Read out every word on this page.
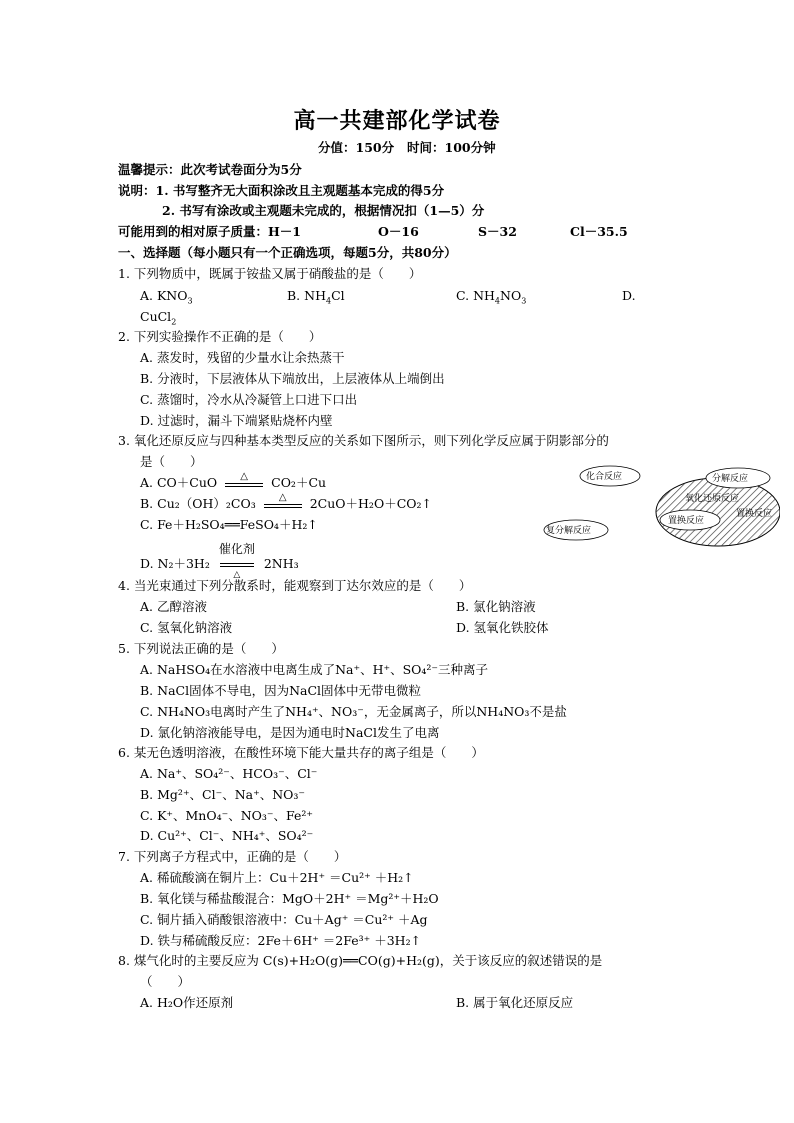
高一共建部化学试卷
分值：150分 时间：100分钟
温馨提示：此次考试卷面分为5分
说明：1. 书写整齐无大面积涂改且主观题基本完成的得5分
2. 书写有涂改或主观题未完成的，根据情况扣（1—5）分
可能用到的相对原子质量：H－1	O－16	S－32	Cl－35.5
一、选择题（每小题只有一个正确选项，每题5分，共80分）
1. 下列物质中，既属于铵盐又属于硝酸盐的是（　　）
A. $KNO_3$	B. $NH_4Cl$	C. $NH_4NO_3$	D.
CuCl$_2$
2. 下列实验操作不正确的是（　　）
A. 蒸发时，残留的少量水让余热蒸干
B. 分液时，下层液体从下端放出，上层液体从上端倒出
C. 蒸馏时，冷水从冷凝管上口进下口出
D. 过滤时，漏斗下端紧贴烧杯内壁
3. 氧化还原反应与四种基本类型反应的关系如下图所示，则下列化学反应属于阴影部分的
是（　　）
A. CO＋CuO	△	CO₂＋Cu
B. Cu₂（OH）₂CO₃	△	2CuO＋H₂O＋CO₂↑
C. Fe＋H₂SO₄══FeSO₄＋H₂↑
D. N₂＋3H₂
催化剂
△
2NH₃
化合反应	分解反应
氧化还原反应
置换反应
复分解反应
置换反应
4. 当光束通过下列分散系时，能观察到丁达尔效应的是（　　）
A. 乙醇溶液	B. 氯化钠溶液
C. 氢氧化钠溶液	D. 氢氧化铁胶体
5. 下列说法正确的是（　　）
A. NaHSO₄在水溶液中电离生成了Na⁺、H⁺、SO₄²⁻三种离子
B. NaCl固体不导电，因为NaCl固体中无带电微粒
C. NH₄NO₃电离时产生了NH₄⁺、NO₃⁻，无金属离子，所以NH₄NO₃不是盐
D. 氯化钠溶液能导电，是因为通电时NaCl发生了电离
6. 某无色透明溶液，在酸性环境下能大量共存的离子组是（　　）
A. Na⁺、SO₄²⁻、HCO₃⁻、Cl⁻
B. Mg²⁺、Cl⁻、Na⁺、NO₃⁻
C. K⁺、MnO₄⁻、NO₃⁻、Fe²⁺
D. Cu²⁺、Cl⁻、NH₄⁺、SO₄²⁻
7. 下列离子方程式中，正确的是（　　）
A. 稀硫酸滴在铜片上：Cu＋2H⁺ ＝Cu²⁺ ＋H₂↑
B. 氧化镁与稀盐酸混合：MgO＋2H⁺ ＝Mg²⁺＋H₂O
C. 铜片插入硝酸银溶液中：Cu＋Ag⁺ ＝Cu²⁺ ＋Ag
D. 铁与稀硫酸反应：2Fe＋6H⁺ ＝2Fe³⁺ ＋3H₂↑
8. 煤气化时的主要反应为 C(s)+H₂O(g)══CO(g)+H₂(g)，关于该反应的叙述错误的是
（　　）
A. H₂O作还原剂	B. 属于氧化还原反应
